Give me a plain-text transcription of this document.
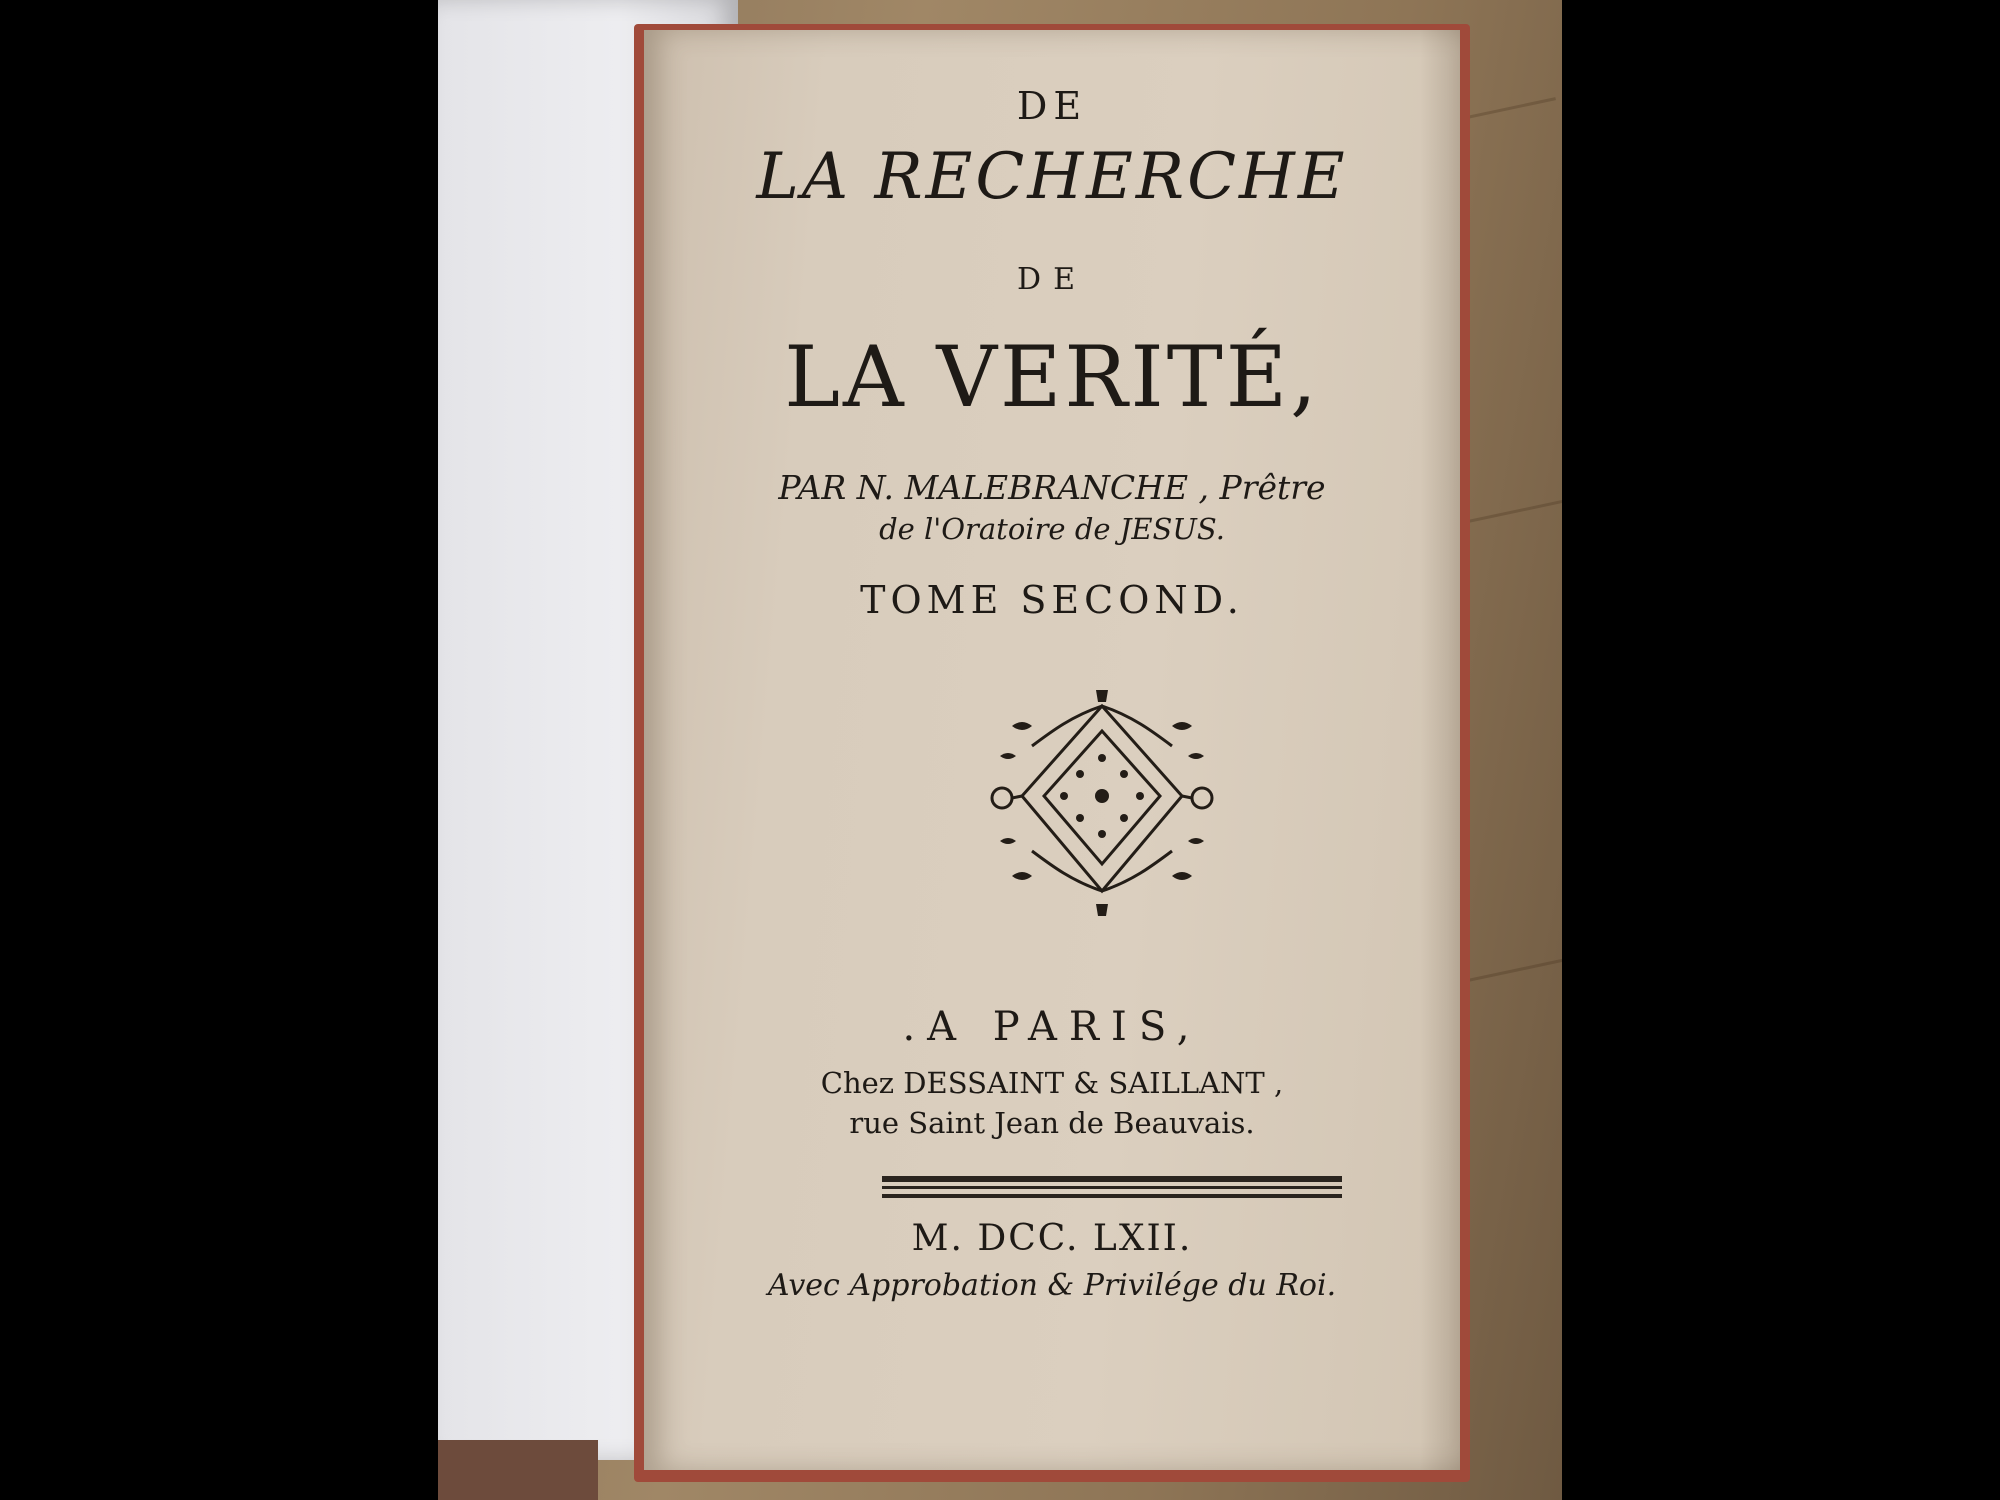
DE
LA RECHERCHE
DE
LA VERITÉ,
PAR N. MALEBRANCHE , Prêtre
de l'Oratoire de JESUS.
TOME SECOND.
.A PARIS,
Chez DESSAINT & SAILLANT ,
rue Saint Jean de Beauvais.
M. DCC. LXII.
Avec Approbation & Privilége du Roi.
